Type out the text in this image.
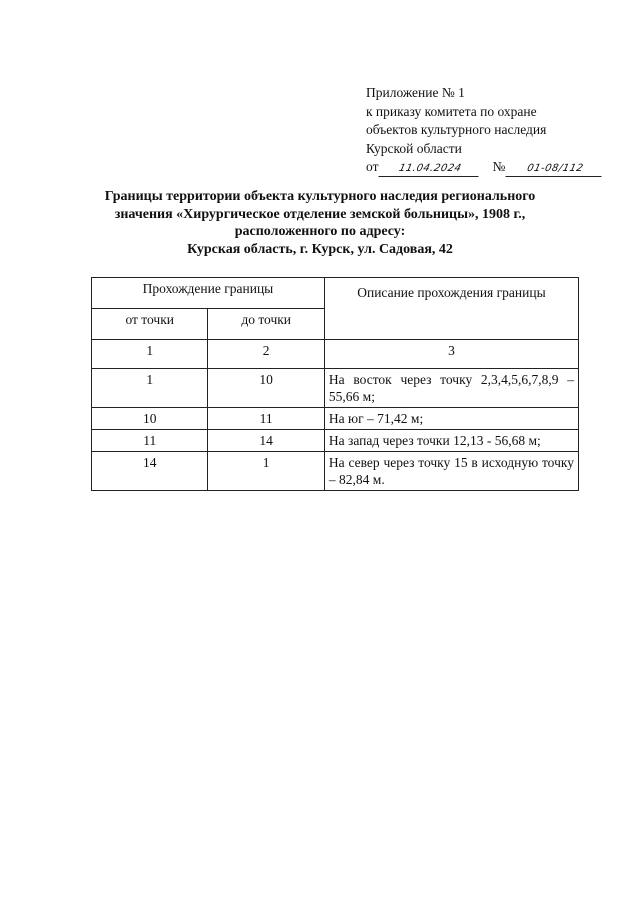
Приложение № 1
к приказу комитета по охране
объектов культурного наследия
Курской области
от 11.04.2024 № 01-08/112
Границы территории объекта культурного наследия регионального
значения «Хирургическое отделение земской больницы», 1908 г.,
расположенного по адресу:
Курская область, г. Курск, ул. Садовая, 42
Прохождение границы		Описание прохождения границы
от точки	до точки	
1	2	3
1	10	На восток через точку 2,3,4,5,6,7,8,9 – 55,66 м;
10	11	На юг – 71,42 м;
11	14	На запад через точки 12,13 - 56,68 м;
14	1	На север через точку 15 в исходную точку – 82,84 м.
